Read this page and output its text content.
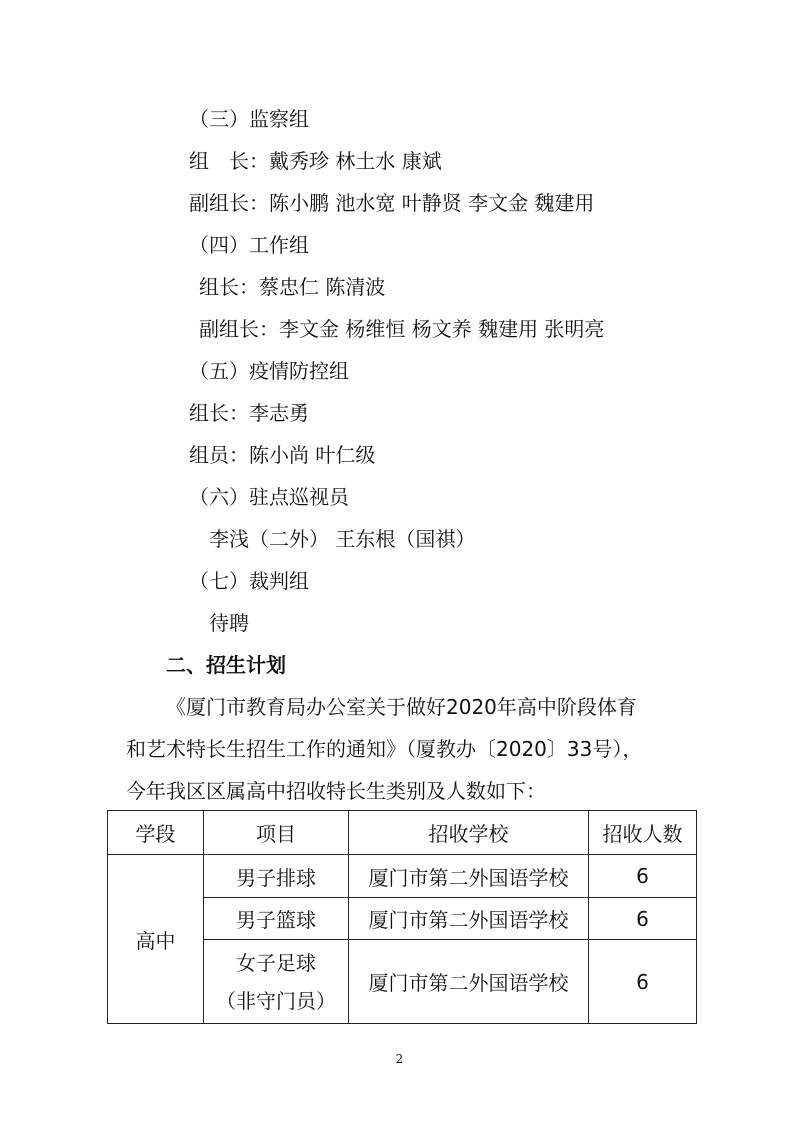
（三）监察组
组　长：戴秀珍 林土水 康斌
副组长：陈小鹏 池水宽 叶静贤 李文金 魏建用
（四）工作组
组长：蔡忠仁 陈清波
副组长：李文金 杨维恒 杨文养 魏建用 张明亮
（五）疫情防控组
组长：李志勇
组员：陈小尚 叶仁级
（六）驻点巡视员
李浅（二外） 王东根（国祺）
（七）裁判组
待聘
二、招生计划
《厦门市教育局办公室关于做好2020年高中阶段体育
和艺术特长生招生工作的通知》（厦教办〔2020〕33号），
今年我区区属高中招收特长生类别及人数如下：
学段	项目	招收学校	招收人数
高中	男子排球	厦门市第二外国语学校	6
	男子篮球	厦门市第二外国语学校	6

	女子足球
（非守门员）	厦门市第二外国语学校	6
2
